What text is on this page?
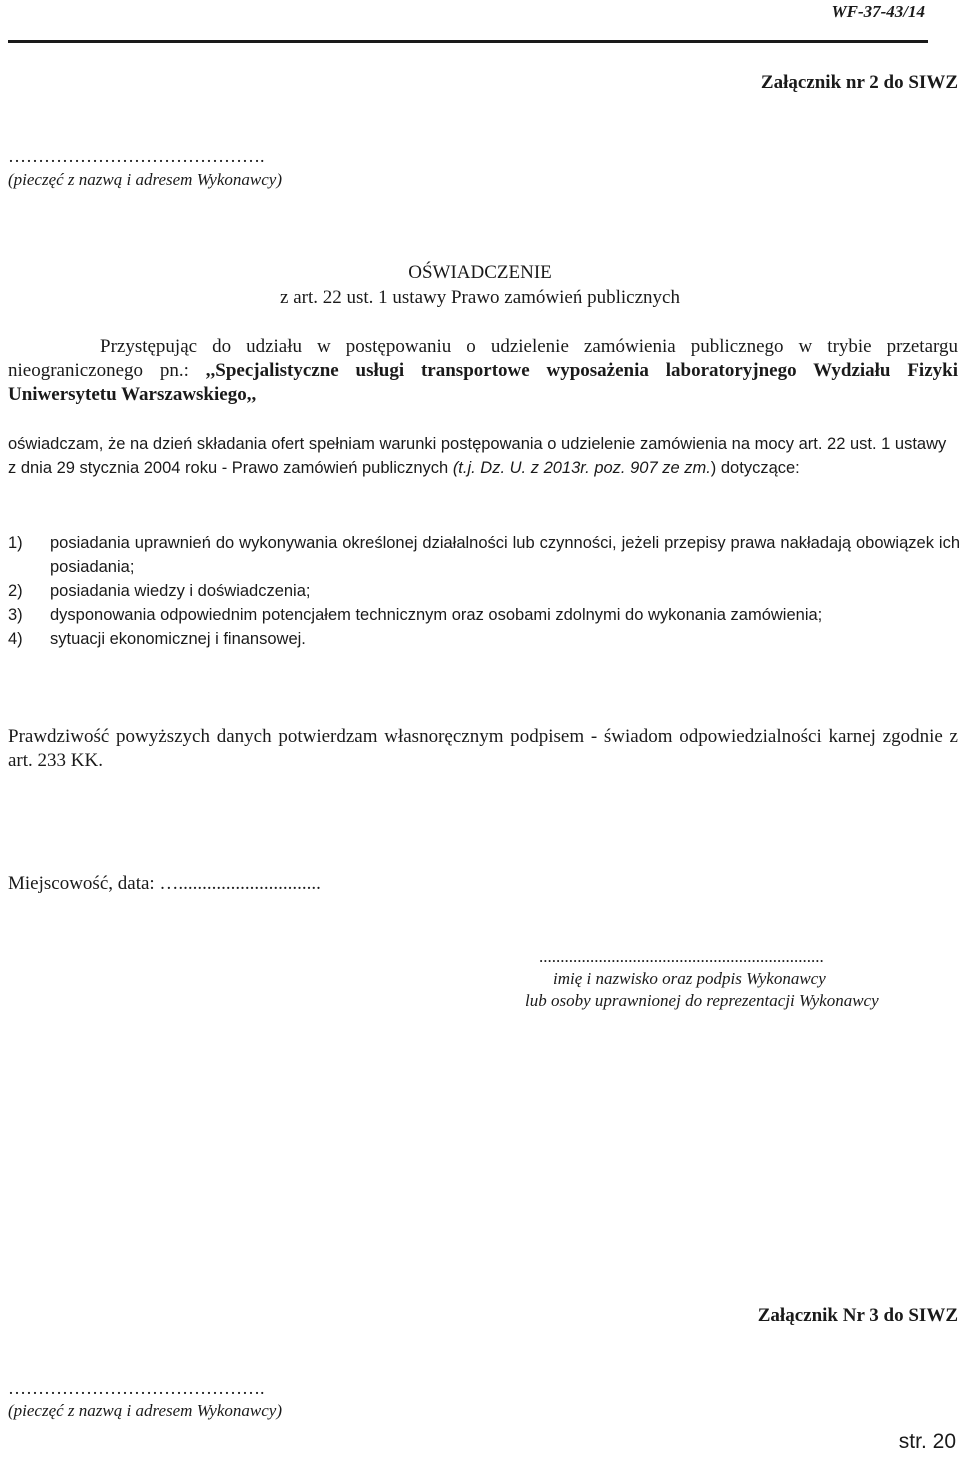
WF-37-43/14
Załącznik nr 2 do SIWZ
…………………………………….
(pieczęć z nazwą i adresem Wykonawcy)
OŚWIADCZENIE
z art. 22 ust. 1 ustawy Prawo zamówień publicznych
Przystępując do udziału w postępowaniu o udzielenie zamówienia publicznego w trybie przetargu nieograniczonego pn.: ,,Specjalistyczne usługi transportowe wyposażenia laboratoryjnego Wydziału Fizyki Uniwersytetu Warszawskiego,,
oświadczam, że na dzień składania ofert spełniam warunki postępowania o udzielenie zamówienia na mocy art. 22 ust. 1 ustawy z dnia 29 stycznia 2004 roku - Prawo zamówień publicznych (t.j. Dz. U. z 2013r. poz. 907 ze zm.) dotyczące:
1) posiadania uprawnień do wykonywania określonej działalności lub czynności, jeżeli przepisy prawa nakładają obowiązek ich posiadania;
2) posiadania wiedzy i doświadczenia;
3) dysponowania odpowiednim potencjałem technicznym oraz osobami zdolnymi do wykonania zamówienia;
4) sytuacji ekonomicznej i finansowej.
Prawdziwość powyższych danych potwierdzam własnoręcznym podpisem - świadom odpowiedzialności karnej zgodnie z art. 233 KK.
Miejscowość, data: …..............................
...................................................................
imię i nazwisko oraz podpis Wykonawcy
lub osoby uprawnionej do reprezentacji Wykonawcy
Załącznik Nr 3 do SIWZ
…………………………………….
(pieczęć z nazwą i adresem Wykonawcy)
str. 20
